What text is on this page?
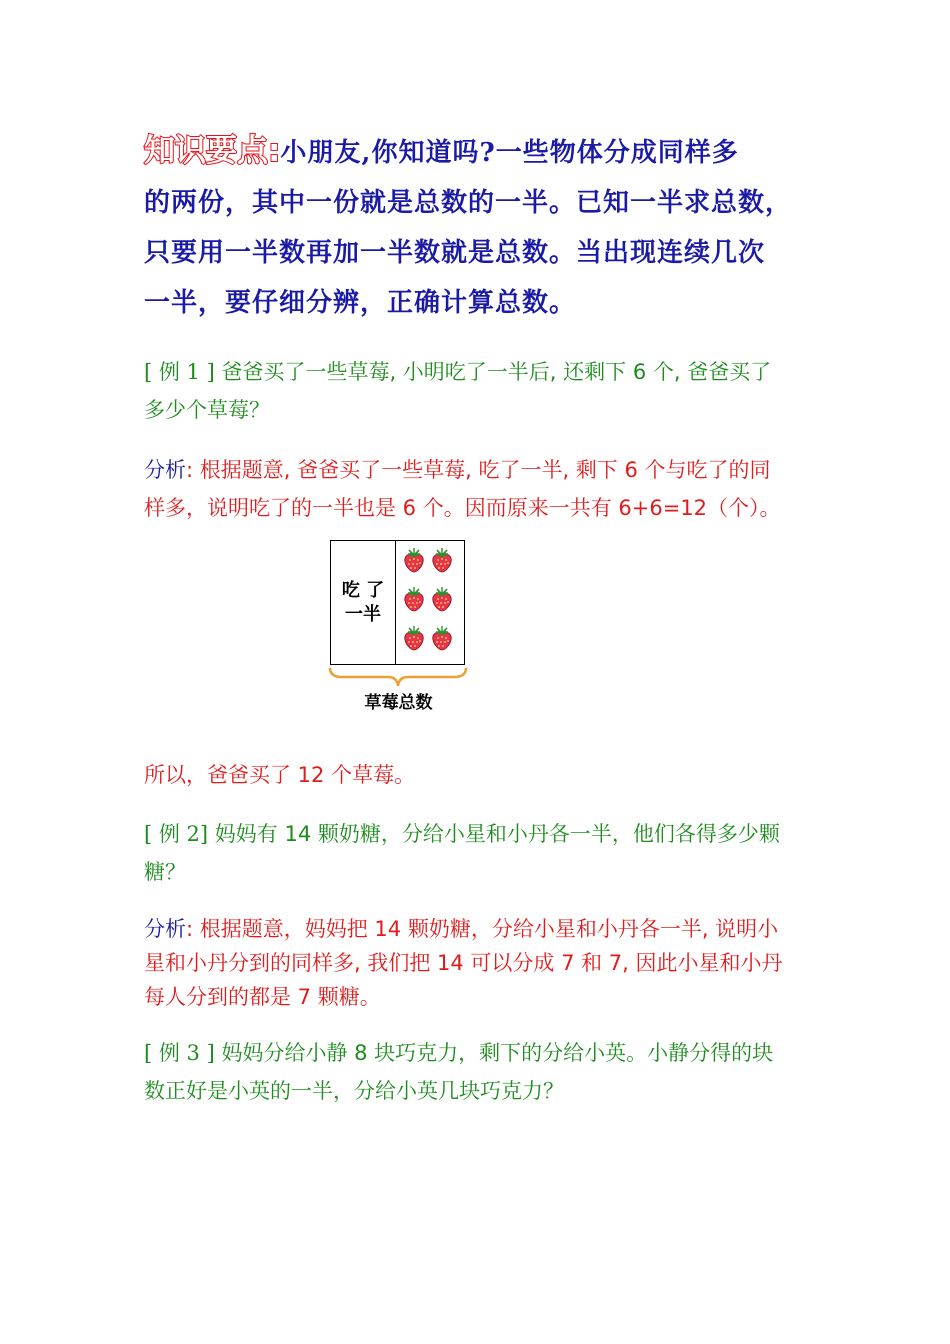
知识要点:小朋友,你知道吗?一些物体分成同样多
的两份，其中一份就是总数的一半。已知一半求总数，
只要用一半数再加一半数就是总数。当出现连续几次
一半，要仔细分辨，正确计算总数。
[ 例 1 ] 爸爸买了一些草莓, 小明吃了一半后, 还剩下 6 个, 爸爸买了
多少个草莓？
分析: 根据题意, 爸爸买了一些草莓, 吃了一半, 剩下 6 个与吃了的同
样多，说明吃了的一半也是 6 个。因而原来一共有 6+6=12（个）。
吃 了
一半
草莓总数
所以，爸爸买了 12 个草莓。
[ 例 2] 妈妈有 14 颗奶糖，分给小星和小丹各一半，他们各得多少颗
糖？
分析: 根据题意，妈妈把 14 颗奶糖，分给小星和小丹各一半, 说明小
星和小丹分到的同样多, 我们把 14 可以分成 7 和 7, 因此小星和小丹
每人分到的都是 7 颗糖。
[ 例 3 ] 妈妈分给小静 8 块巧克力，剩下的分给小英。小静分得的块
数正好是小英的一半，分给小英几块巧克力？
